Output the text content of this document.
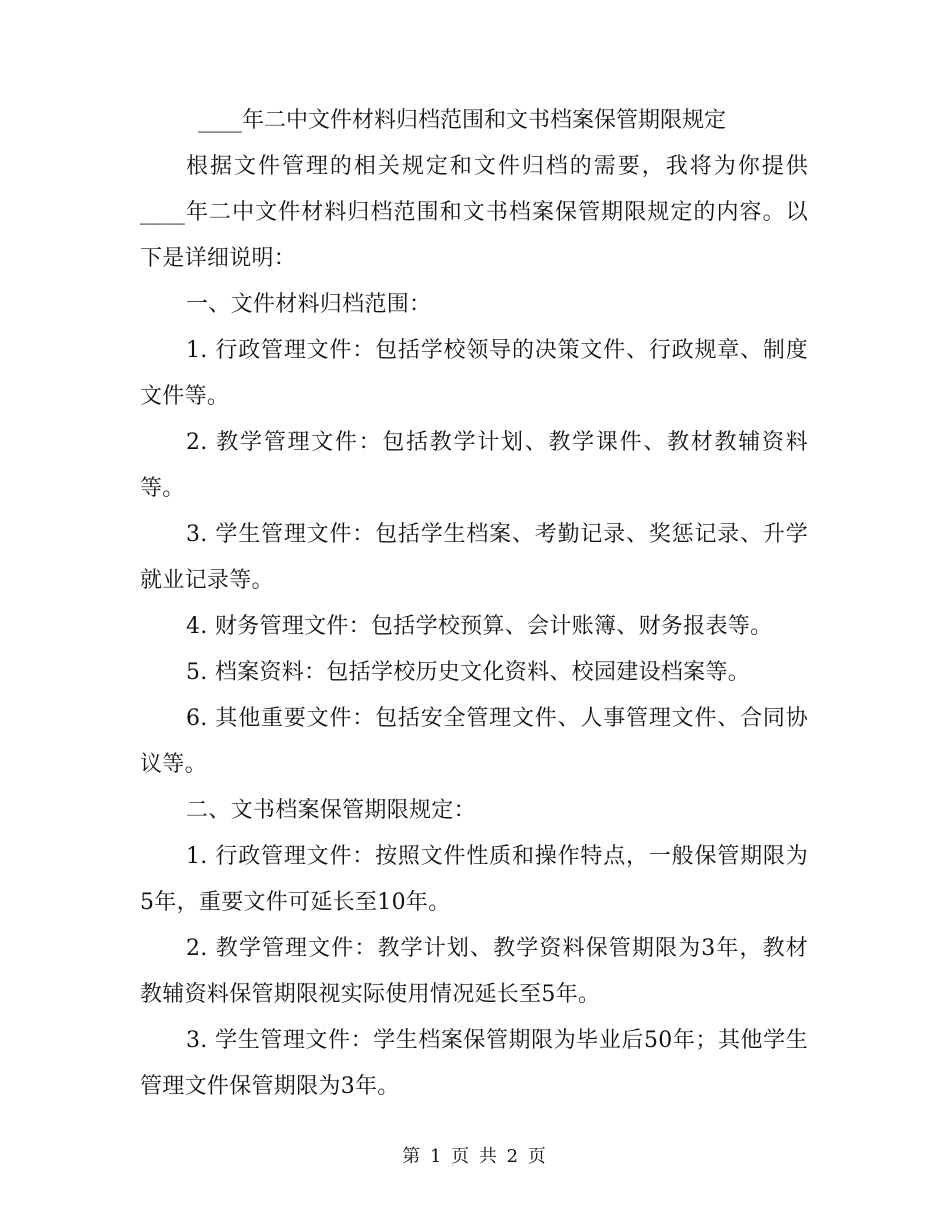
____年二中文件材料归档范围和文书档案保管期限规定

根据文件管理的相关规定和文件归档的需要，我将为你提供____年二中文件材料归档范围和文书档案保管期限规定的内容。以下是详细说明：

一、文件材料归档范围：

1. 行政管理文件：包括学校领导的决策文件、行政规章、制度文件等。

2. 教学管理文件：包括教学计划、教学课件、教材教辅资料等。

3. 学生管理文件：包括学生档案、考勤记录、奖惩记录、升学就业记录等。

4. 财务管理文件：包括学校预算、会计账簿、财务报表等。

5. 档案资料：包括学校历史文化资料、校园建设档案等。

6. 其他重要文件：包括安全管理文件、人事管理文件、合同协议等。

二、文书档案保管期限规定：

1. 行政管理文件：按照文件性质和操作特点，一般保管期限为5年，重要文件可延长至10年。

2. 教学管理文件：教学计划、教学资料保管期限为3年，教材教辅资料保管期限视实际使用情况延长至5年。

3. 学生管理文件：学生档案保管期限为毕业后50年；其他学生管理文件保管期限为3年。

第 1 页 共 2 页
